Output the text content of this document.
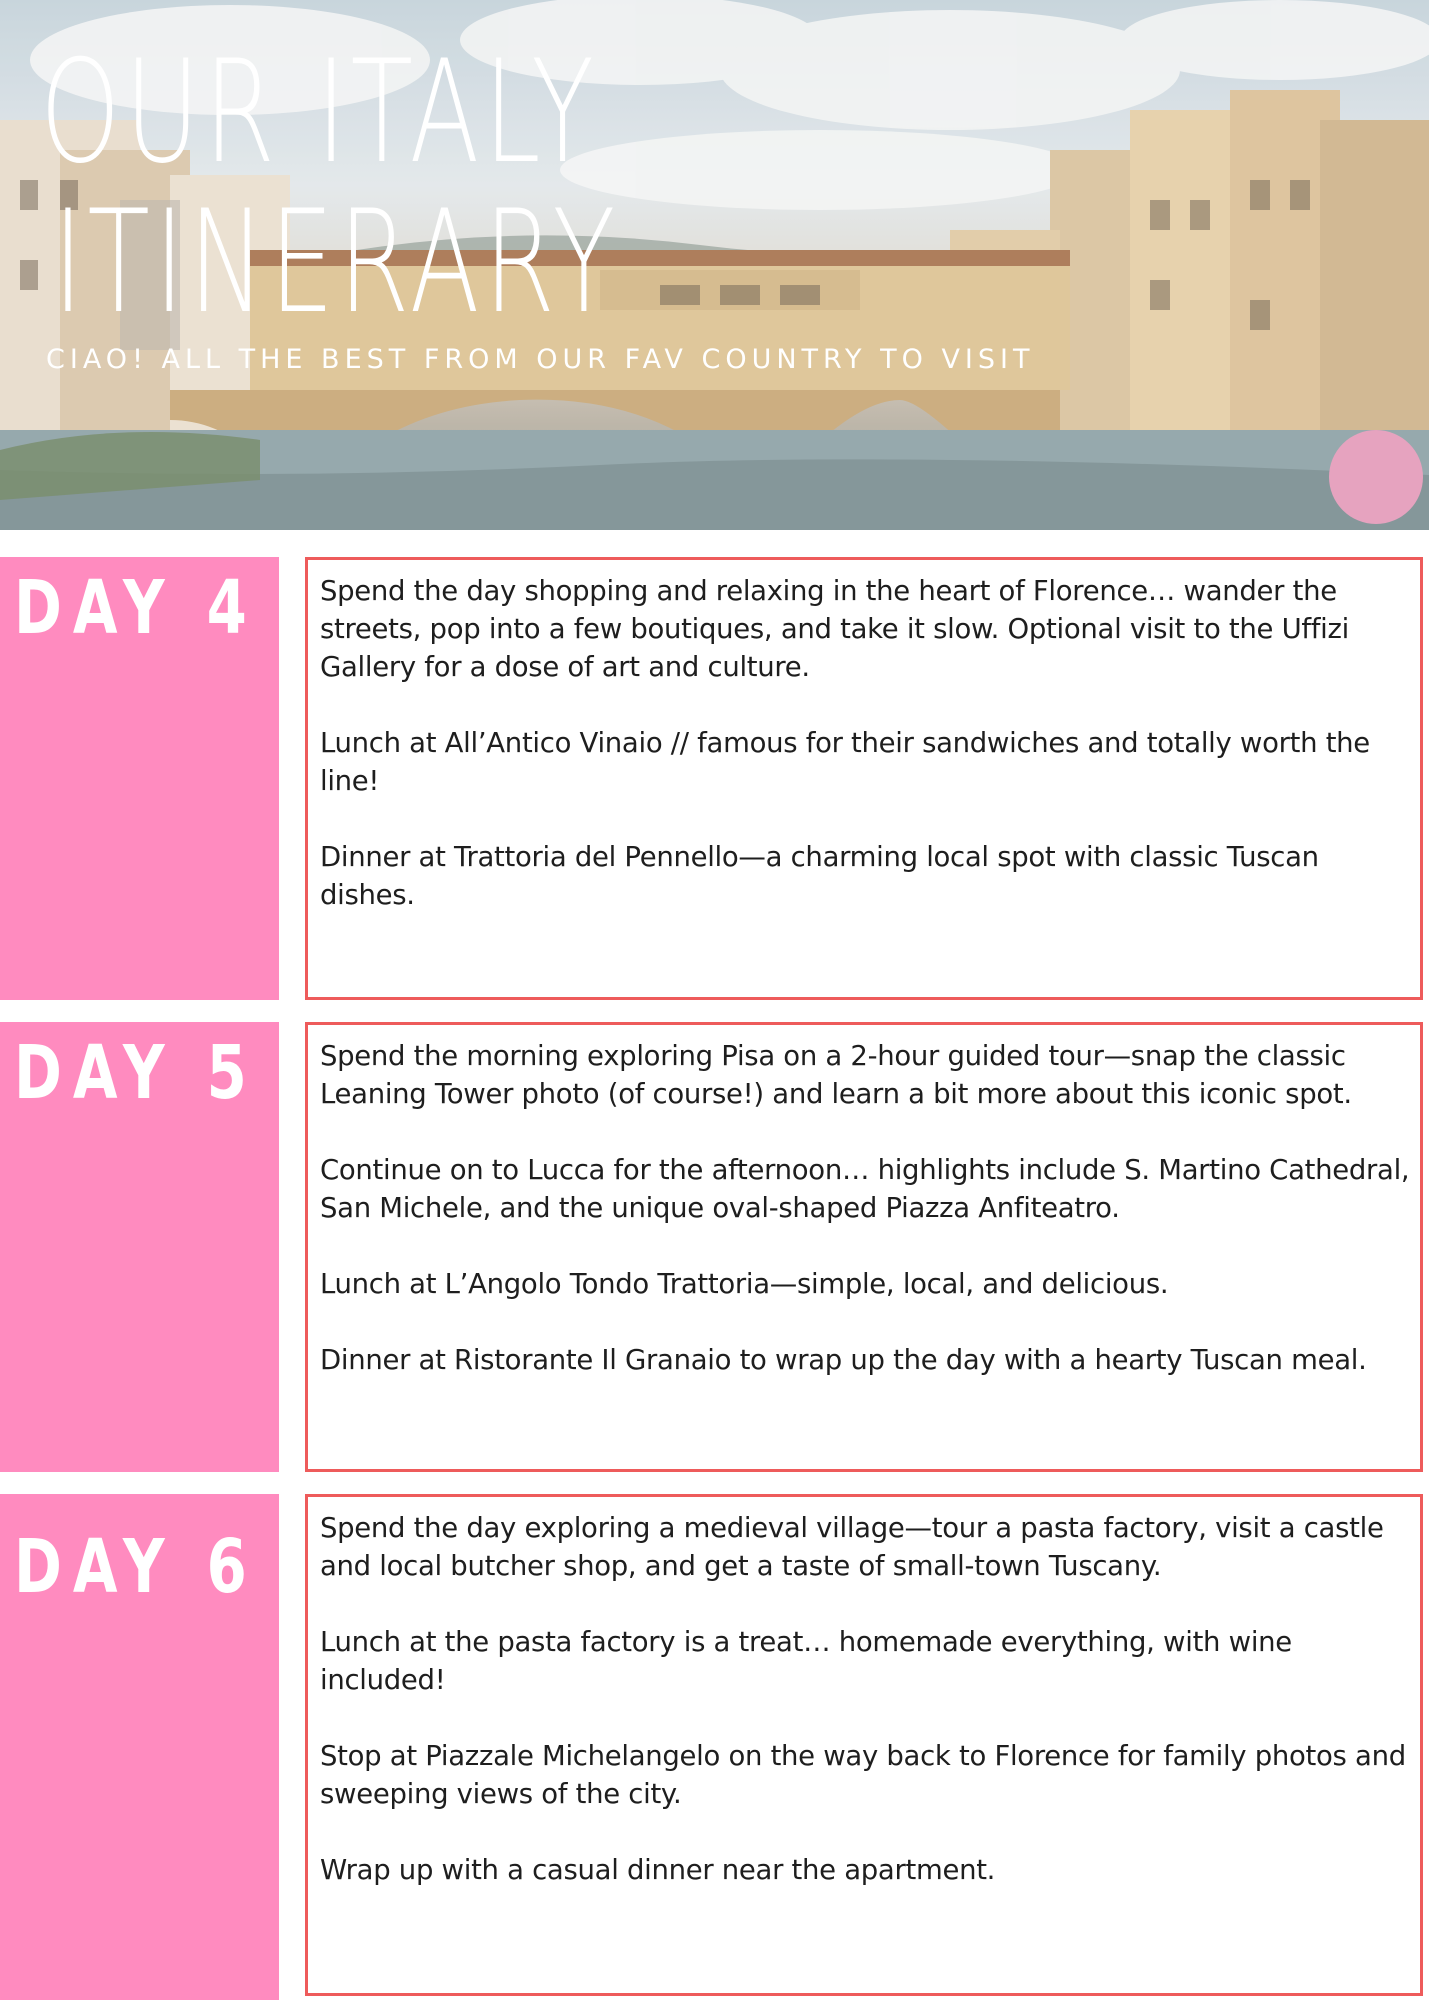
OUR ITALY
ITINERARY

CIAO! ALL THE BEST FROM OUR FAV COUNTRY TO VISIT

DAY 4 Spend the day shopping and relaxing in the heart of Florence… wander the streets, pop into a few boutiques, and take it slow. Optional visit to the Uffizi Gallery for a dose of art and culture.

Lunch at All’Antico Vinaio // famous for their sandwiches and totally worth the line!

Dinner at Trattoria del Pennello—a charming local spot with classic Tuscan dishes.

DAY 5 Spend the morning exploring Pisa on a 2-hour guided tour—snap the classic Leaning Tower photo (of course!) and learn a bit more about this iconic spot.

Continue on to Lucca for the afternoon… highlights include S. Martino Cathedral, San Michele, and the unique oval-shaped Piazza Anfiteatro.

Lunch at L’Angolo Tondo Trattoria—simple, local, and delicious.

Dinner at Ristorante Il Granaio to wrap up the day with a hearty Tuscan meal.

DAY 6 Spend the day exploring a medieval village—tour a pasta factory, visit a castle and local butcher shop, and get a taste of small-town Tuscany.

Lunch at the pasta factory is a treat… homemade everything, with wine included!

Stop at Piazzale Michelangelo on the way back to Florence for family photos and sweeping views of the city.

Wrap up with a casual dinner near the apartment.
